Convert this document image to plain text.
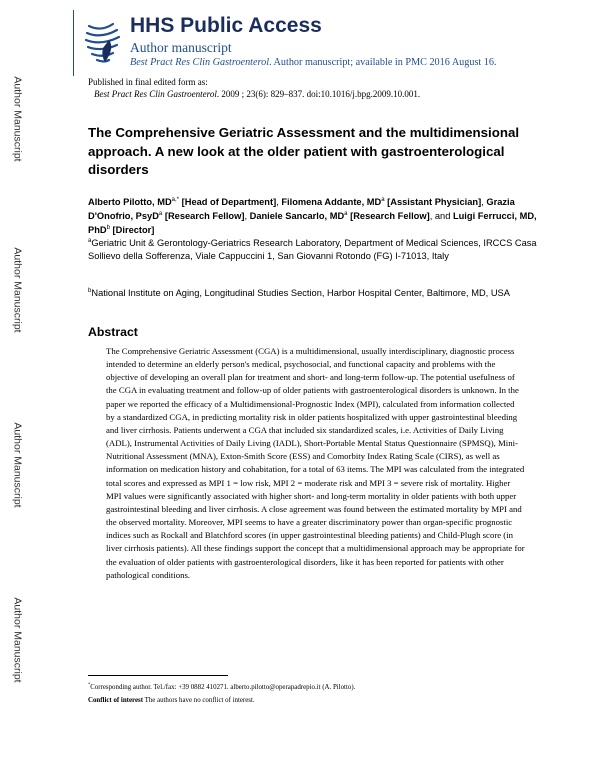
Author Manuscript
Author Manuscript
Author Manuscript
Author Manuscript
HHS Public Access
Author manuscript
Best Pract Res Clin Gastroenterol. Author manuscript; available in PMC 2016 August 16.
Published in final edited form as:
Best Pract Res Clin Gastroenterol. 2009 ; 23(6): 829–837. doi:10.1016/j.bpg.2009.10.001.
The Comprehensive Geriatric Assessment and the multidimensional approach. A new look at the older patient with gastroenterological disorders
Alberto Pilotto, $MD^{a,*}$ [Head of Department], Filomena Addante, $MD^a$ [Assistant Physician], Grazia D'Onofrio, PsyD$^a$ [Research Fellow], Daniele Sancarlo, $MD^a$ [Research Fellow], and Luigi Ferrucci, MD, PhD$^b$ [Director]
$^a$Geriatric Unit & Gerontology-Geriatrics Research Laboratory, Department of Medical Sciences, IRCCS Casa Sollievo della Sofferenza, Viale Cappuccini 1, San Giovanni Rotondo (FG) I-71013, Italy
$^b$National Institute on Aging, Longitudinal Studies Section, Harbor Hospital Center, Baltimore, MD, USA
Abstract
The Comprehensive Geriatric Assessment (CGA) is a multidimensional, usually interdisciplinary, diagnostic process intended to determine an elderly person's medical, psychosocial, and functional capacity and problems with the objective of developing an overall plan for treatment and short- and long-term follow-up. The potential usefulness of the CGA in evaluating treatment and follow-up of older patients with gastroenterological disorders is unknown. In the paper we reported the efficacy of a Multidimensional-Prognostic Index (MPI), calculated from information collected by a standardized CGA, in predicting mortality risk in older patients hospitalized with upper gastrointestinal bleeding and liver cirrhosis. Patients underwent a CGA that included six standardized scales, i.e. Activities of Daily Living (ADL), Instrumental Activities of Daily Living (IADL), Short-Portable Mental Status Questionnaire (SPMSQ), Mini-Nutritional Assessment (MNA), Exton-Smith Score (ESS) and Comorbity Index Rating Scale (CIRS), as well as information on medication history and cohabitation, for a total of 63 items. The MPI was calculated from the integrated total scores and expressed as MPI 1 = low risk, MPI 2 = moderate risk and MPI 3 = severe risk of mortality. Higher MPI values were significantly associated with higher short- and long-term mortality in older patients with both upper gastrointestinal bleeding and liver cirrhosis. A close agreement was found between the estimated mortality by MPI and the observed mortality. Moreover, MPI seems to have a greater discriminatory power than organ-specific prognostic indices such as Rockall and Blatchford scores (in upper gastrointestinal bleeding patients) and Child-Plugh score (in liver cirrhosis patients). All these findings support the concept that a multidimensional approach may be appropriate for the evaluation of older patients with gastroenterological disorders, like it has been reported for patients with other pathological conditions.
*Corresponding author. Tel./fax: +39 0882 410271. alberto.pilotto@operapadrepio.it (A. Pilotto).
Conflict of interest The authors have no conflict of interest.
